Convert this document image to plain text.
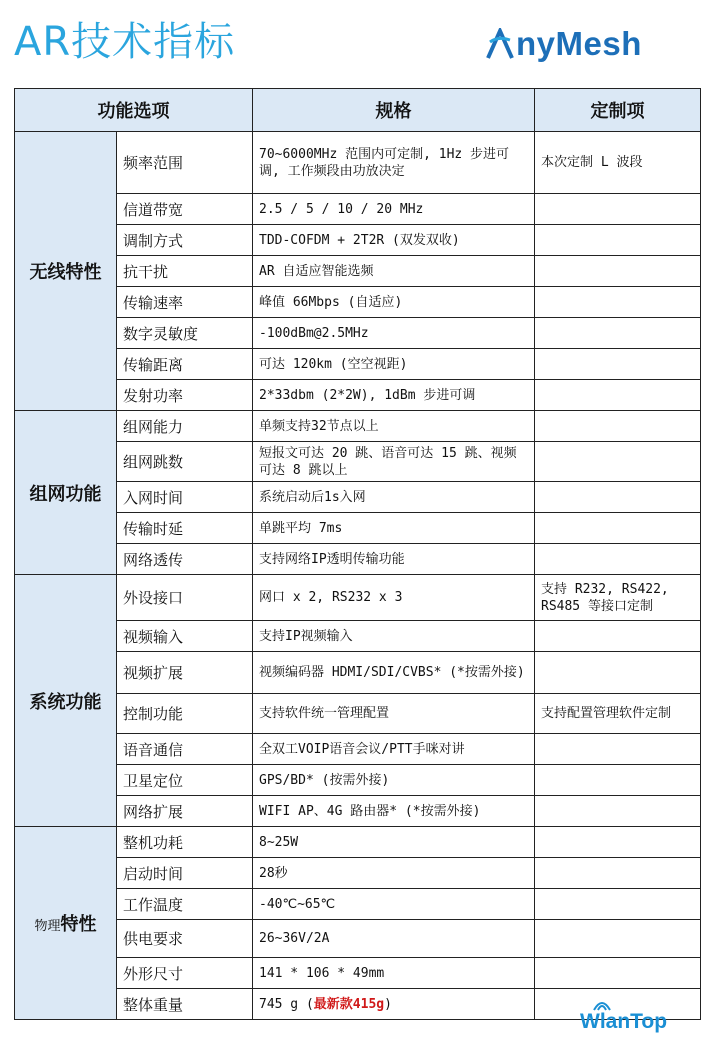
AR技术指标	nyMesh
功能选项		规格	定制项
无线特性	频率范围	70~6000MHz 范围内可定制, 1Hz 步进可调, 工作频段由功放决定	本次定制 L 波段
	信道带宽	2.5 / 5 / 10 / 20 MHz	
	调制方式	TDD-COFDM + 2T2R (双发双收)	
	抗干扰	AR 自适应智能选频	
	传输速率	峰值 66Mbps (自适应)	
	数字灵敏度	-100dBm@2.5MHz	
	传输距离	可达 120km (空空视距)	
	发射功率	2*33dbm (2*2W), 1dBm 步进可调	
组网功能	组网能力	单频支持32节点以上	
	组网跳数	短报文可达 20 跳、语音可达 15 跳、视频可达 8 跳以上	
	入网时间	系统启动后1s入网	
	传输时延	单跳平均 7ms	
	网络透传	支持网络IP透明传输功能	
系统功能	外设接口	网口 x 2, RS232 x 3	支持 R232, RS422, RS485 等接口定制
	视频输入	支持IP视频输入	
	视频扩展	视频编码器 HDMI/SDI/CVBS* (*按需外接)	
	控制功能	支持软件统一管理配置	支持配置管理软件定制
	语音通信	全双工VOIP语音会议/PTT手咪对讲	
	卫星定位	GPS/BD* (按需外接)	
	网络扩展	WIFI AP、4G 路由器* (*按需外接)	
物理特性	整机功耗	8~25W	
	启动时间	28秒	
	工作温度	-40℃~65℃	
	供电要求	26~36V/2A	
	外形尺寸	141 * 106 * 49mm	
	整体重量	745 g (最新款415g)	
WlanTop
